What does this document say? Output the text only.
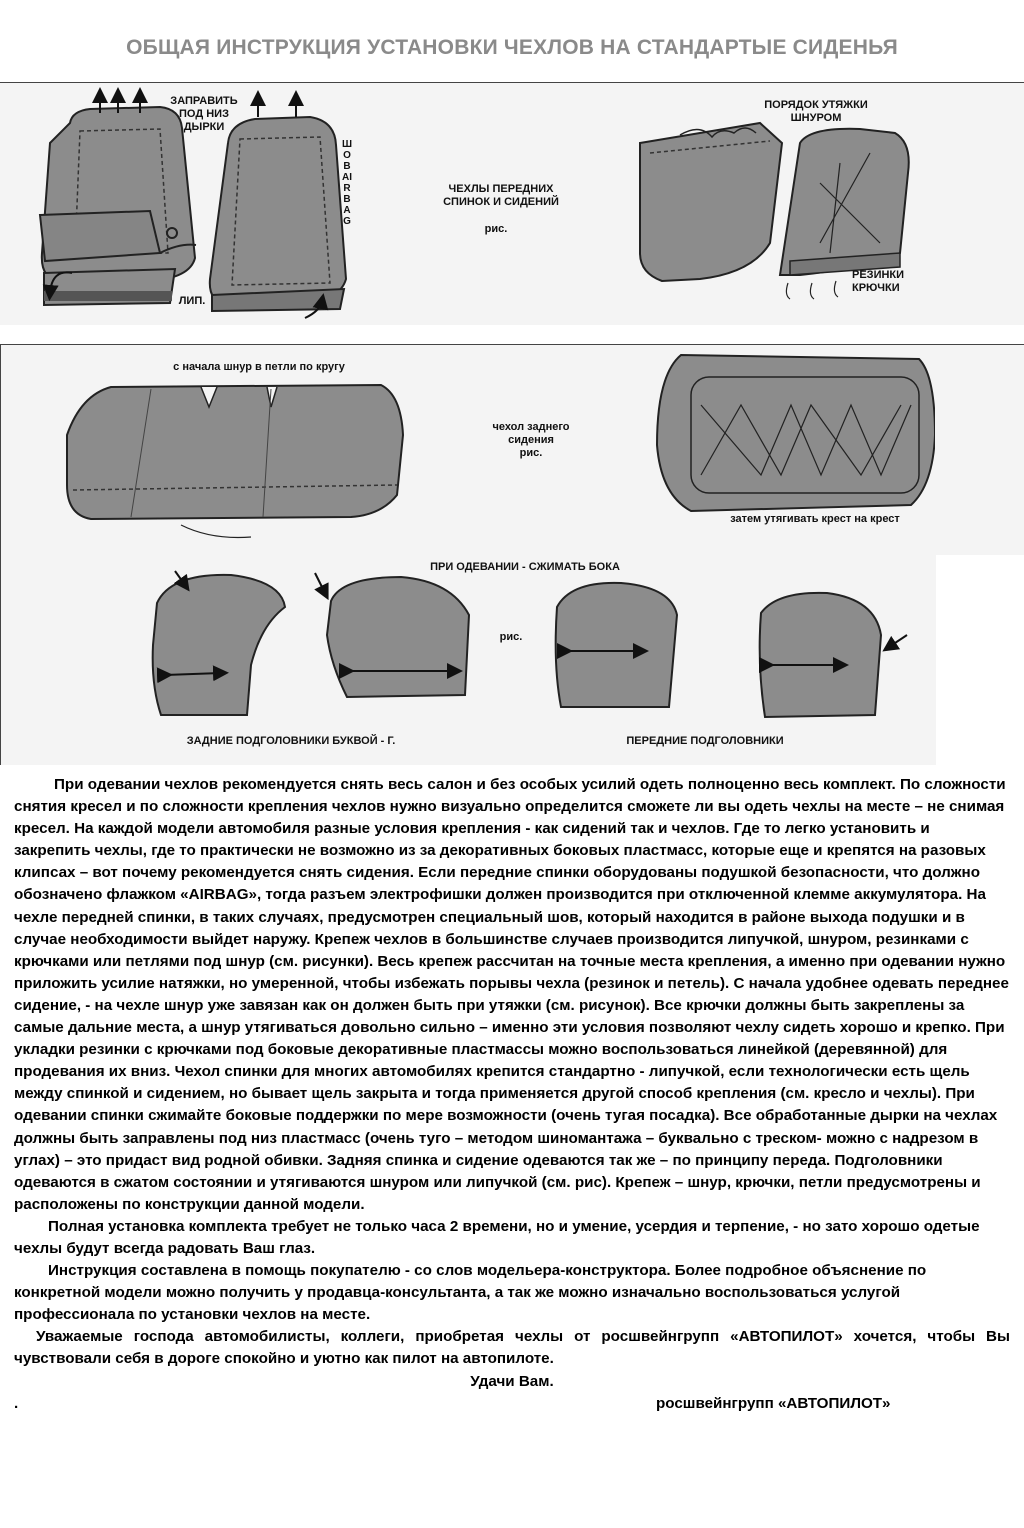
ОБЩАЯ ИНСТРУКЦИЯ УСТАНОВКИ ЧЕХЛОВ НА СТАНДАРТЫЕ СИДЕНЬЯ
ЗАПРАВИТЬ
ПОД НИЗ
ДЫРКИ
ШОВ AIRBAG
ЛИП.
ЧЕХЛЫ ПЕРЕДНИХ
СПИНОК И СИДЕНИЙ
рис.
ПОРЯДОК УТЯЖКИ
ШНУРОМ
РЕЗИНКИ
КРЮЧКИ
с начала шнур в петли по кругу
чехол заднего
сидения
рис.
затем утягивать крест на крест
ПРИ ОДЕВАНИИ - СЖИМАТЬ БОКА
рис.
ЗАДНИЕ ПОДГОЛОВНИКИ БУКВОЙ - Г.	ПЕРЕДНИЕ ПОДГОЛОВНИКИ

При одевании чехлов рекомендуется снять весь салон и без особых усилий одеть полноценно весь комплект. По сложности снятия кресел и по сложности крепления чехлов нужно визуально определится сможете ли вы одеть чехлы на месте – не снимая кресел. На каждой модели автомобиля разные условия крепления - как сидений так и чехлов. Где то легко установить и закрепить чехлы, где то практически не возможно из за декоративных боковых пластмасс, которые еще и крепятся на разовых клипсах – вот почему рекомендуется снять сидения. Если передние спинки оборудованы подушкой безопасности, что должно обозначено флажком «AIRBAG», тогда разъем электрофишки должен производится при отключенной клемме аккумулятора. На чехле передней спинки, в таких случаях, предусмотрен специальный шов, который находится в районе выхода подушки и в случае необходимости выйдет наружу. Крепеж чехлов в большинстве случаев производится липучкой, шнуром, резинками с крючками или петлями под шнур (см. рисунки). Весь крепеж рассчитан на точные места крепления, а именно при одевании нужно приложить усилие натяжки, но умеренной, чтобы избежать порывы чехла (резинок и петель). С начала удобнее одевать переднее сидение, - на чехле шнур уже завязан как он должен быть при утяжки (см. рисунок). Все крючки должны быть закреплены за самые дальние места, а шнур утягиваться довольно сильно – именно эти условия позволяют чехлу сидеть хорошо и крепко. При укладки резинки с крючками под боковые декоративные пластмассы можно воспользоваться линейкой (деревянной) для продевания их вниз. Чехол спинки для многих автомобилях крепится стандартно - липучкой, если технологически есть щель между спинкой и сидением, но бывает щель закрыта и тогда применяется другой способ крепления (см. кресло и чехлы). При одевании спинки сжимайте боковые поддержки по мере возможности (очень тугая посадка). Все обработанные дырки на чехлах должны быть заправлены под низ пластмасс (очень туго – методом шиномантажа – буквально с треском- можно с надрезом в углах) – это придаст вид родной обивки. Задняя спинка и сидение одеваются так же – по принципу переда. Подголовники одеваются в сжатом состоянии и утягиваются шнуром или липучкой (см. рис). Крепеж – шнур, крючки, петли предусмотрены и расположены по конструкции данной модели.

Полная установка комплекта требует не только часа 2 времени, но и умение, усердия и терпение, - но зато хорошо одетые чехлы будут всегда радовать Ваш глаз.

Инструкция составлена в помощь покупателю - со слов модельера-конструктора. Более подробное объяснение по конкретной модели можно получить у продавца-консультанта, а так же можно изначально воспользоваться услугой профессионала по установки чехлов на месте.

Уважаемые господа автомобилисты, коллеги, приобретая чехлы от росшвейнгрупп «АВТОПИЛОТ» хочется, чтобы Вы чувствовали себя в дороге спокойно и уютно как пилот на автопилоте.

Удачи Вам.

.	росшвейнгрупп «АВТОПИЛОТ»
